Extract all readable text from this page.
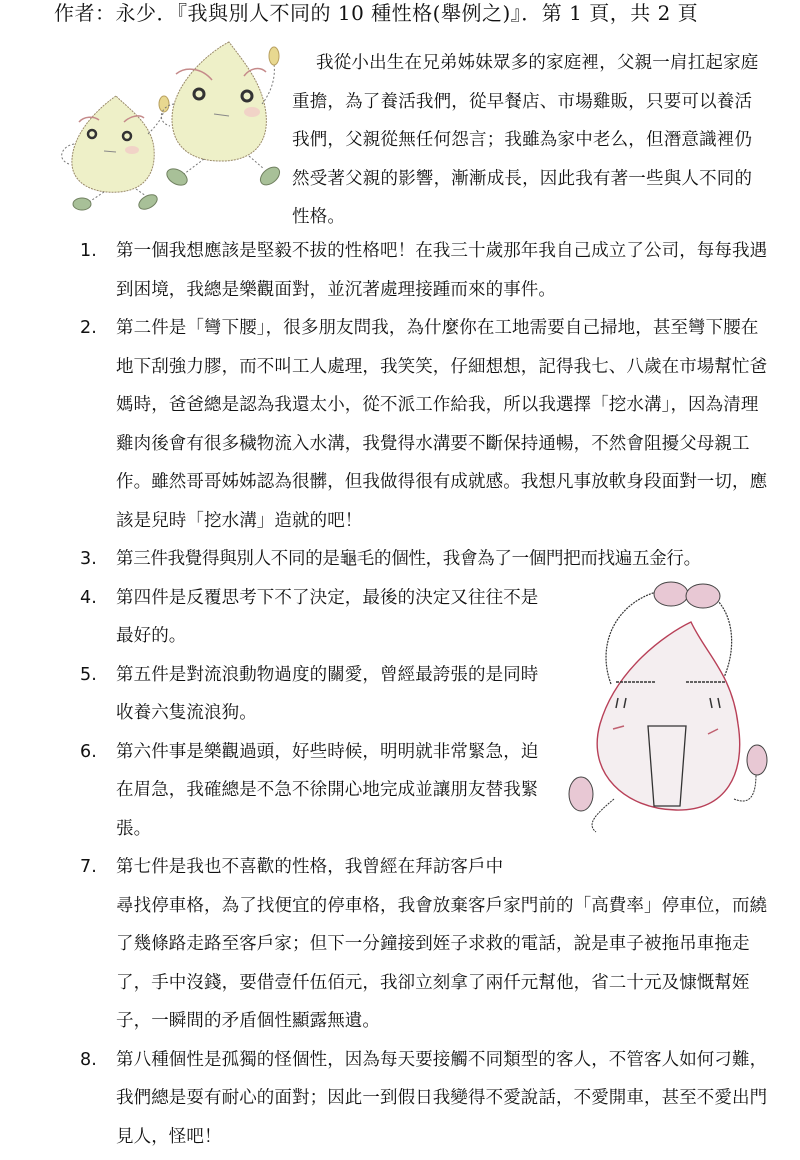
作者：永少．『我與別人不同的 10 種性格(舉例之)』．第 1 頁，共 2 頁

我從小出生在兄弟姊妹眾多的家庭裡，父親一肩扛起家庭重擔，為了養活我們，從早餐店、市場雞販，只要可以養活我們，父親從無任何怨言；我雖為家中老么，但潛意識裡仍然受著父親的影響，漸漸成長，因此我有著一些與人不同的性格。

1.	第一個我想應該是堅毅不拔的性格吧！在我三十歲那年我自己成立了公司，每每我遇到困境，我總是樂觀面對，並沉著處理接踵而來的事件。
2.	第二件是「彎下腰」，很多朋友問我，為什麼你在工地需要自己掃地，甚至彎下腰在地下刮強力膠，而不叫工人處理，我笑笑，仔細想想，記得我七、八歲在市場幫忙爸媽時，爸爸總是認為我還太小，從不派工作給我，所以我選擇「挖水溝」，因為清理雞肉後會有很多穢物流入水溝，我覺得水溝要不斷保持通暢，不然會阻擾父母親工作。雖然哥哥姊姊認為很髒，但我做得很有成就感。我想凡事放軟身段面對一切，應該是兒時「挖水溝」造就的吧！
3.	第三件我覺得與別人不同的是龜毛的個性，我會為了一個門把而找遍五金行。
4.	第四件是反覆思考下不了決定，最後的決定又往往不是最好的。
5.	第五件是對流浪動物過度的關愛，曾經最誇張的是同時收養六隻流浪狗。
6.	第六件事是樂觀過頭，好些時候，明明就非常緊急，迫在眉急，我確總是不急不徐開心地完成並讓朋友替我緊張。
7.	第七件是我也不喜歡的性格，我曾經在拜訪客戶中
尋找停車格，為了找便宜的停車格，我會放棄客戶家門前的「高費率」停車位，而繞了幾條路走路至客戶家；但下一分鐘接到姪子求救的電話，說是車子被拖吊車拖走了，手中沒錢，要借壹仟伍佰元，我卻立刻拿了兩仟元幫他，省二十元及慷慨幫姪子，一瞬間的矛盾個性顯露無遺。
8.	第八種個性是孤獨的怪個性，因為每天要接觸不同類型的客人，不管客人如何刁難，我們總是耍有耐心的面對；因此一到假日我變得不愛說話，不愛開車，甚至不愛出門見人，怪吧！
